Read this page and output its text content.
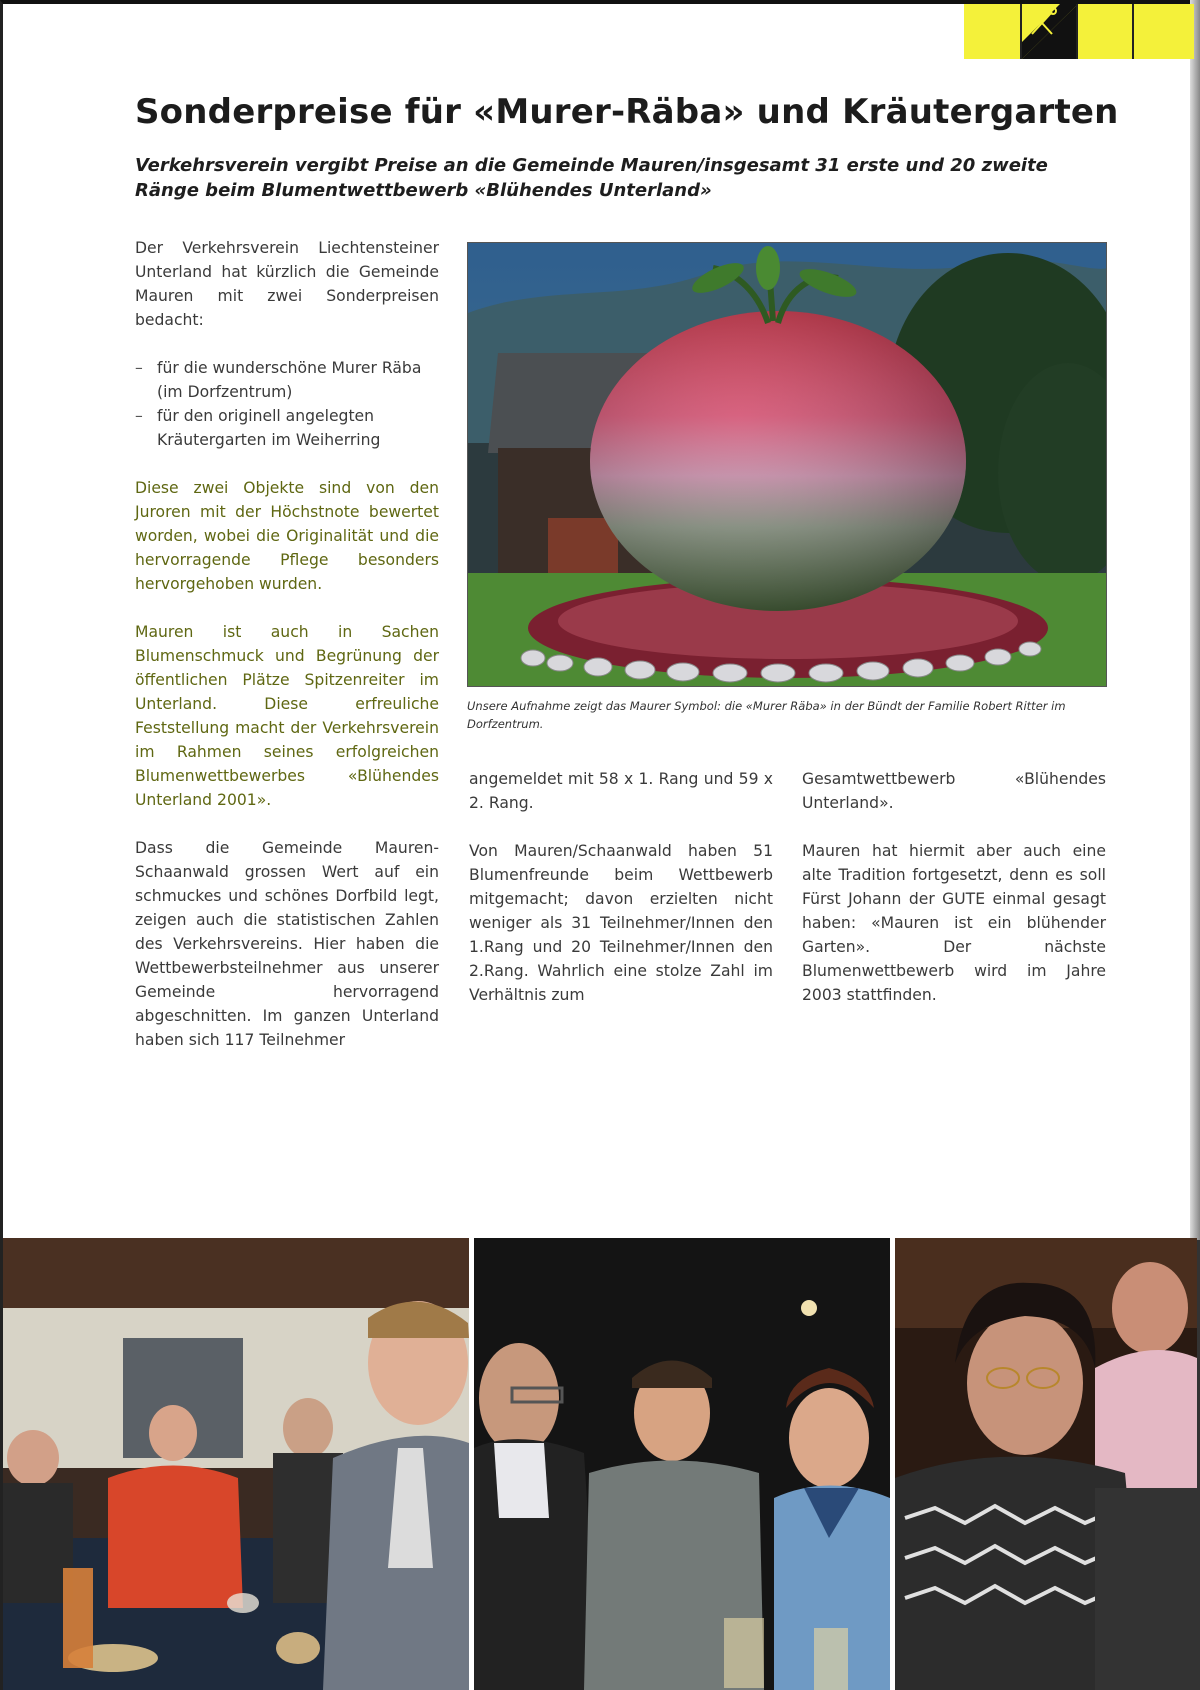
Sonderpreise für «Murer-Räba» und Kräutergarten

Verkehrsverein vergibt Preise an die Gemeinde Mauren/insgesamt 31 erste und 20 zweite Ränge beim Blumentwettbewerb «Blühendes Unterland»

Der Verkehrsverein Liechtensteiner Unterland hat kürzlich die Gemeinde Mauren mit zwei Sonderpreisen bedacht:

– für die wunderschöne Murer Räba (im Dorfzentrum)
– für den originell angelegten Kräutergarten im Weiherring

Diese zwei Objekte sind von den Juroren mit der Höchstnote bewertet worden, wobei die Originalität und die hervorragende Pflege besonders hervorgehoben wurden.

Mauren ist auch in Sachen Blumenschmuck und Begrünung der öffentlichen Plätze Spitzenreiter im Unterland. Diese erfreuliche Feststellung macht der Verkehrsverein im Rahmen seines erfolgreichen Blumenwettbewerbes «Blühendes Unterland 2001».

Dass die Gemeinde Mauren-Schaanwald grossen Wert auf ein schmuckes und schönes Dorfbild legt, zeigen auch die statistischen Zahlen des Verkehrsvereins. Hier haben die Wettbewerbsteilnehmer aus unserer Gemeinde hervorragend abgeschnitten. Im ganzen Unterland haben sich 117 Teilnehmer

Unsere Aufnahme zeigt das Maurer Symbol: die «Murer Räba» in der Bündt der Familie Robert Ritter im Dorfzentrum.

angemeldet mit 58 x 1. Rang und 59 x 2. Rang.

Von Mauren/Schaanwald haben 51 Blumenfreunde beim Wettbewerb mitgemacht; davon erzielten nicht weniger als 31 Teilnehmer/Innen den 1.Rang und 20 Teilnehmer/Innen den 2.Rang. Wahrlich eine stolze Zahl im Verhältnis zum

Gesamtwettbewerb «Blühendes Unterland».

Mauren hat hiermit aber auch eine alte Tradition fortgesetzt, denn es soll Fürst Johann der GUTE einmal gesagt haben: «Mauren ist ein blühender Garten». Der nächste Blumenwettbewerb wird im Jahre 2003 stattfinden.
